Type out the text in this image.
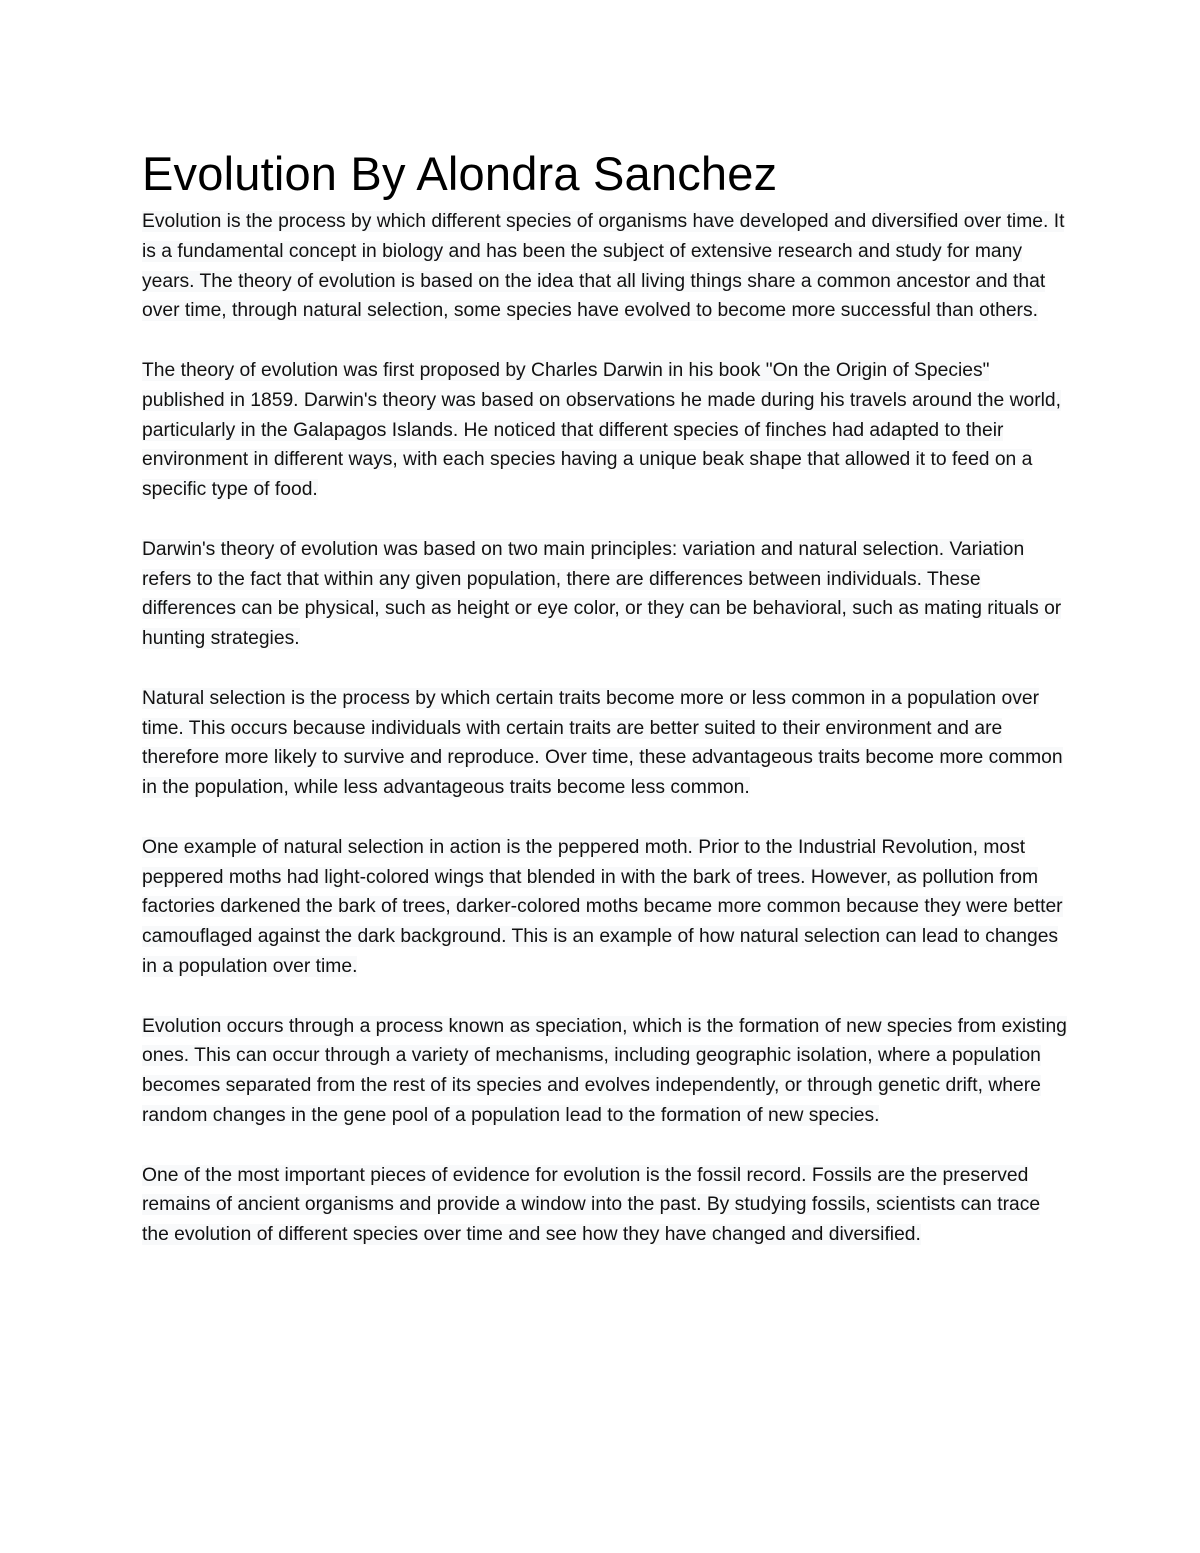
Evolution By Alondra Sanchez

Evolution is the process by which different species of organisms have developed and diversified over time. It is a fundamental concept in biology and has been the subject of extensive research and study for many years. The theory of evolution is based on the idea that all living things share a common ancestor and that over time, through natural selection, some species have evolved to become more successful than others.

The theory of evolution was first proposed by Charles Darwin in his book "On the Origin of Species" published in 1859. Darwin's theory was based on observations he made during his travels around the world, particularly in the Galapagos Islands. He noticed that different species of finches had adapted to their environment in different ways, with each species having a unique beak shape that allowed it to feed on a specific type of food.

Darwin's theory of evolution was based on two main principles: variation and natural selection. Variation refers to the fact that within any given population, there are differences between individuals. These differences can be physical, such as height or eye color, or they can be behavioral, such as mating rituals or hunting strategies.

Natural selection is the process by which certain traits become more or less common in a population over time. This occurs because individuals with certain traits are better suited to their environment and are therefore more likely to survive and reproduce. Over time, these advantageous traits become more common in the population, while less advantageous traits become less common.

One example of natural selection in action is the peppered moth. Prior to the Industrial Revolution, most peppered moths had light-colored wings that blended in with the bark of trees. However, as pollution from factories darkened the bark of trees, darker-colored moths became more common because they were better camouflaged against the dark background. This is an example of how natural selection can lead to changes in a population over time.

Evolution occurs through a process known as speciation, which is the formation of new species from existing ones. This can occur through a variety of mechanisms, including geographic isolation, where a population becomes separated from the rest of its species and evolves independently, or through genetic drift, where random changes in the gene pool of a population lead to the formation of new species.

One of the most important pieces of evidence for evolution is the fossil record. Fossils are the preserved remains of ancient organisms and provide a window into the past. By studying fossils, scientists can trace the evolution of different species over time and see how they have changed and diversified.
